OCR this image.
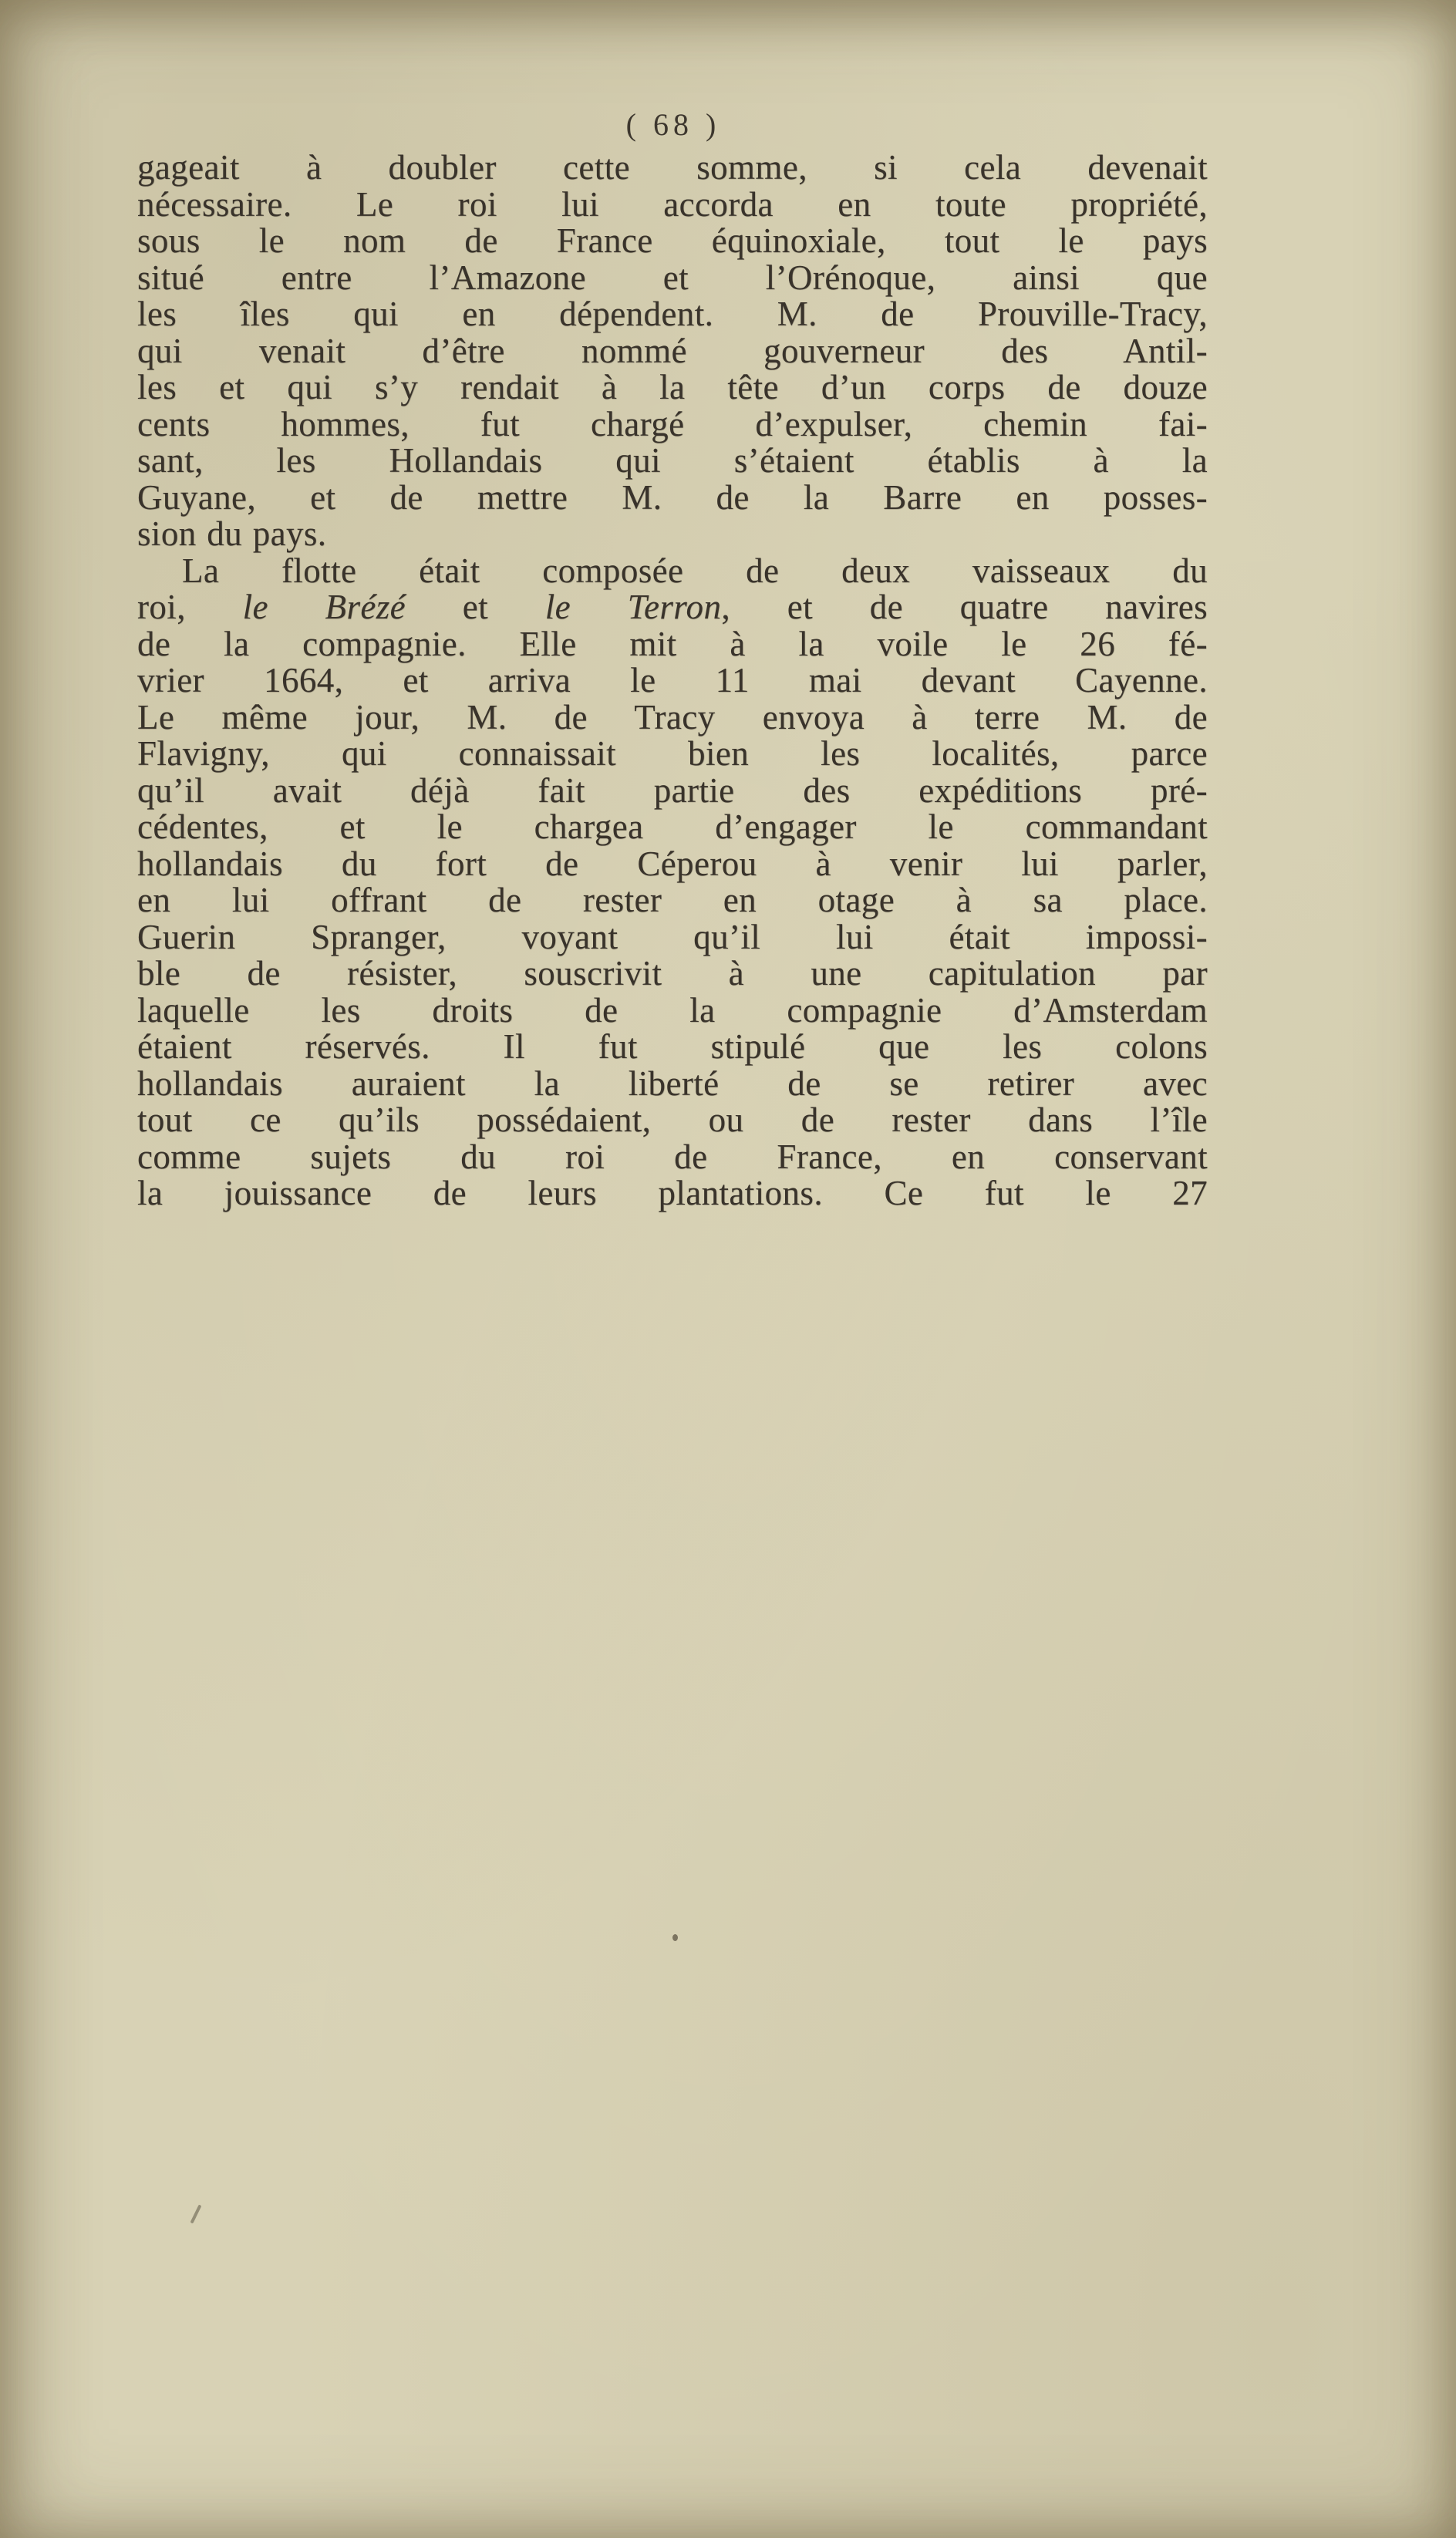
( 68 )
gageait à doubler cette somme, si cela devenait
nécessaire. Le roi lui accorda en toute propriété,
sous le nom de France équinoxiale, tout le pays
situé entre l’Amazone et l’Orénoque, ainsi que
les îles qui en dépendent. M. de Prouville-Tracy,
qui venait d’être nommé gouverneur des Antil-
les et qui s’y rendait à la tête d’un corps de douze
cents hommes, fut chargé d’expulser, chemin fai-
sant, les Hollandais qui s’étaient établis à la
Guyane, et de mettre M. de la Barre en posses-
sion du pays.
La flotte était composée de deux vaisseaux du
roi, le Brézé et le Terron, et de quatre navires
de la compagnie. Elle mit à la voile le 26 fé-
vrier 1664, et arriva le 11 mai devant Cayenne.
Le même jour, M. de Tracy envoya à terre M. de
Flavigny, qui connaissait bien les localités, parce
qu’il avait déjà fait partie des expéditions pré-
cédentes, et le chargea d’engager le commandant
hollandais du fort de Céperou à venir lui parler,
en lui offrant de rester en otage à sa place.
Guerin Spranger, voyant qu’il lui était impossi-
ble de résister, souscrivit à une capitulation par
laquelle les droits de la compagnie d’Amsterdam
étaient réservés. Il fut stipulé que les colons
hollandais auraient la liberté de se retirer avec
tout ce qu’ils possédaient, ou de rester dans l’île
comme sujets du roi de France, en conservant
la jouissance de leurs plantations. Ce fut le 27
